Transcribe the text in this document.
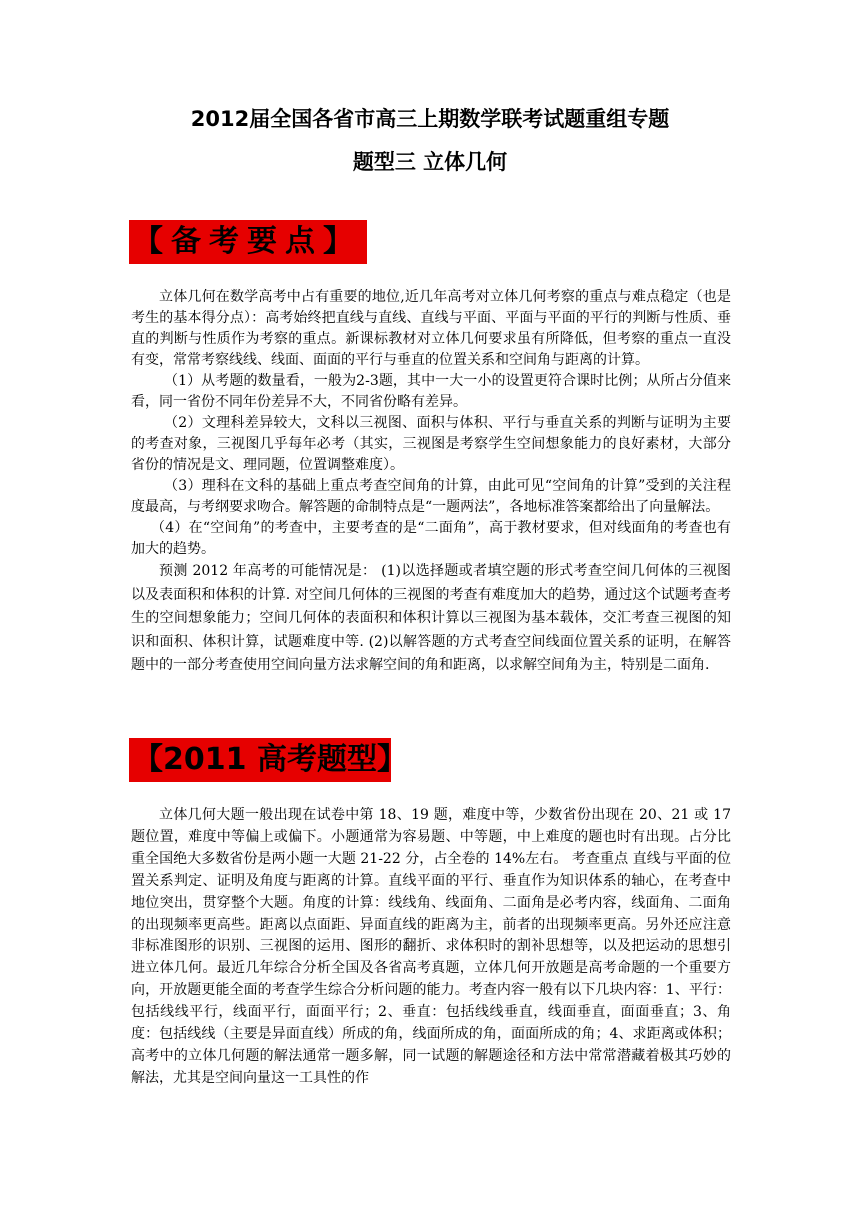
2012届全国各省市高三上期数学联考试题重组专题
题型三 立体几何
【备考要点】

立体几何在数学高考中占有重要的地位,近几年高考对立体几何考察的重点与难点稳定（也是考生的基本得分点）：高考始终把直线与直线、直线与平面、平面与平面的平行的判断与性质、垂直的判断与性质作为考察的重点。新课标教材对立体几何要求虽有所降低，但考察的重点一直没有变，常常考察线线、线面、面面的平行与垂直的位置关系和空间角与距离的计算。

（1）从考题的数量看，一般为2-3题，其中一大一小的设置更符合课时比例；从所占分值来看，同一省份不同年份差异不大，不同省份略有差异。

（2）文理科差异较大，文科以三视图、面积与体积、平行与垂直关系的判断与证明为主要的考查对象，三视图几乎每年必考（其实，三视图是考察学生空间想象能力的良好素材，大部分省份的情况是文、理同题，位置调整难度）。

（3）理科在文科的基础上重点考查空间角的计算，由此可见“空间角的计算”受到的关注程度最高，与考纲要求吻合。解答题的命制特点是“一题两法”，各地标准答案都给出了向量解法。

（4）在“空间角”的考查中，主要考查的是“二面角”，高于教材要求，但对线面角的考查也有加大的趋势。

预测 2012 年高考的可能情况是： (1)以选择题或者填空题的形式考查空间几何体的三视图以及表面积和体积的计算. 对空间几何体的三视图的考查有难度加大的趋势，通过这个试题考查考生的空间想象能力；空间几何体的表面积和体积计算以三视图为基本载体，交汇考查三视图的知识和面积、体积计算，试题难度中等. (2)以解答题的方式考查空间线面位置关系的证明，在解答题中的一部分考查使用空间向量方法求解空间的角和距离，以求解空间角为主，特别是二面角.

【2011 高考题型】

立体几何大题一般出现在试卷中第 18、19 题，难度中等，少数省份出现在 20、21 或 17 题位置，难度中等偏上或偏下。小题通常为容易题、中等题，中上难度的题也时有出现。占分比重全国绝大多数省份是两小题一大题 21-22 分，占全卷的 14%左右。 考查重点 直线与平面的位置关系判定、证明及角度与距离的计算。直线平面的平行、垂直作为知识体系的轴心，在考查中地位突出，贯穿整个大题。角度的计算：线线角、线面角、二面角是必考内容，线面角、二面角的出现频率更高些。距离以点面距、异面直线的距离为主，前者的出现频率更高。另外还应注意非标准图形的识别、三视图的运用、图形的翻折、求体积时的割补思想等，以及把运动的思想引进立体几何。最近几年综合分析全国及各省高考真题，立体几何开放题是高考命题的一个重要方向，开放题更能全面的考查学生综合分析问题的能力。考查内容一般有以下几块内容：1、平行：包括线线平行，线面平行，面面平行；2、垂直：包括线线垂直，线面垂直，面面垂直；3、角度：包括线线（主要是异面直线）所成的角，线面所成的角，面面所成的角；4、求距离或体积；高考中的立体几何题的解法通常一题多解，同一试题的解题途径和方法中常常潜藏着极其巧妙的解法，尤其是空间向量这一工具性的作
